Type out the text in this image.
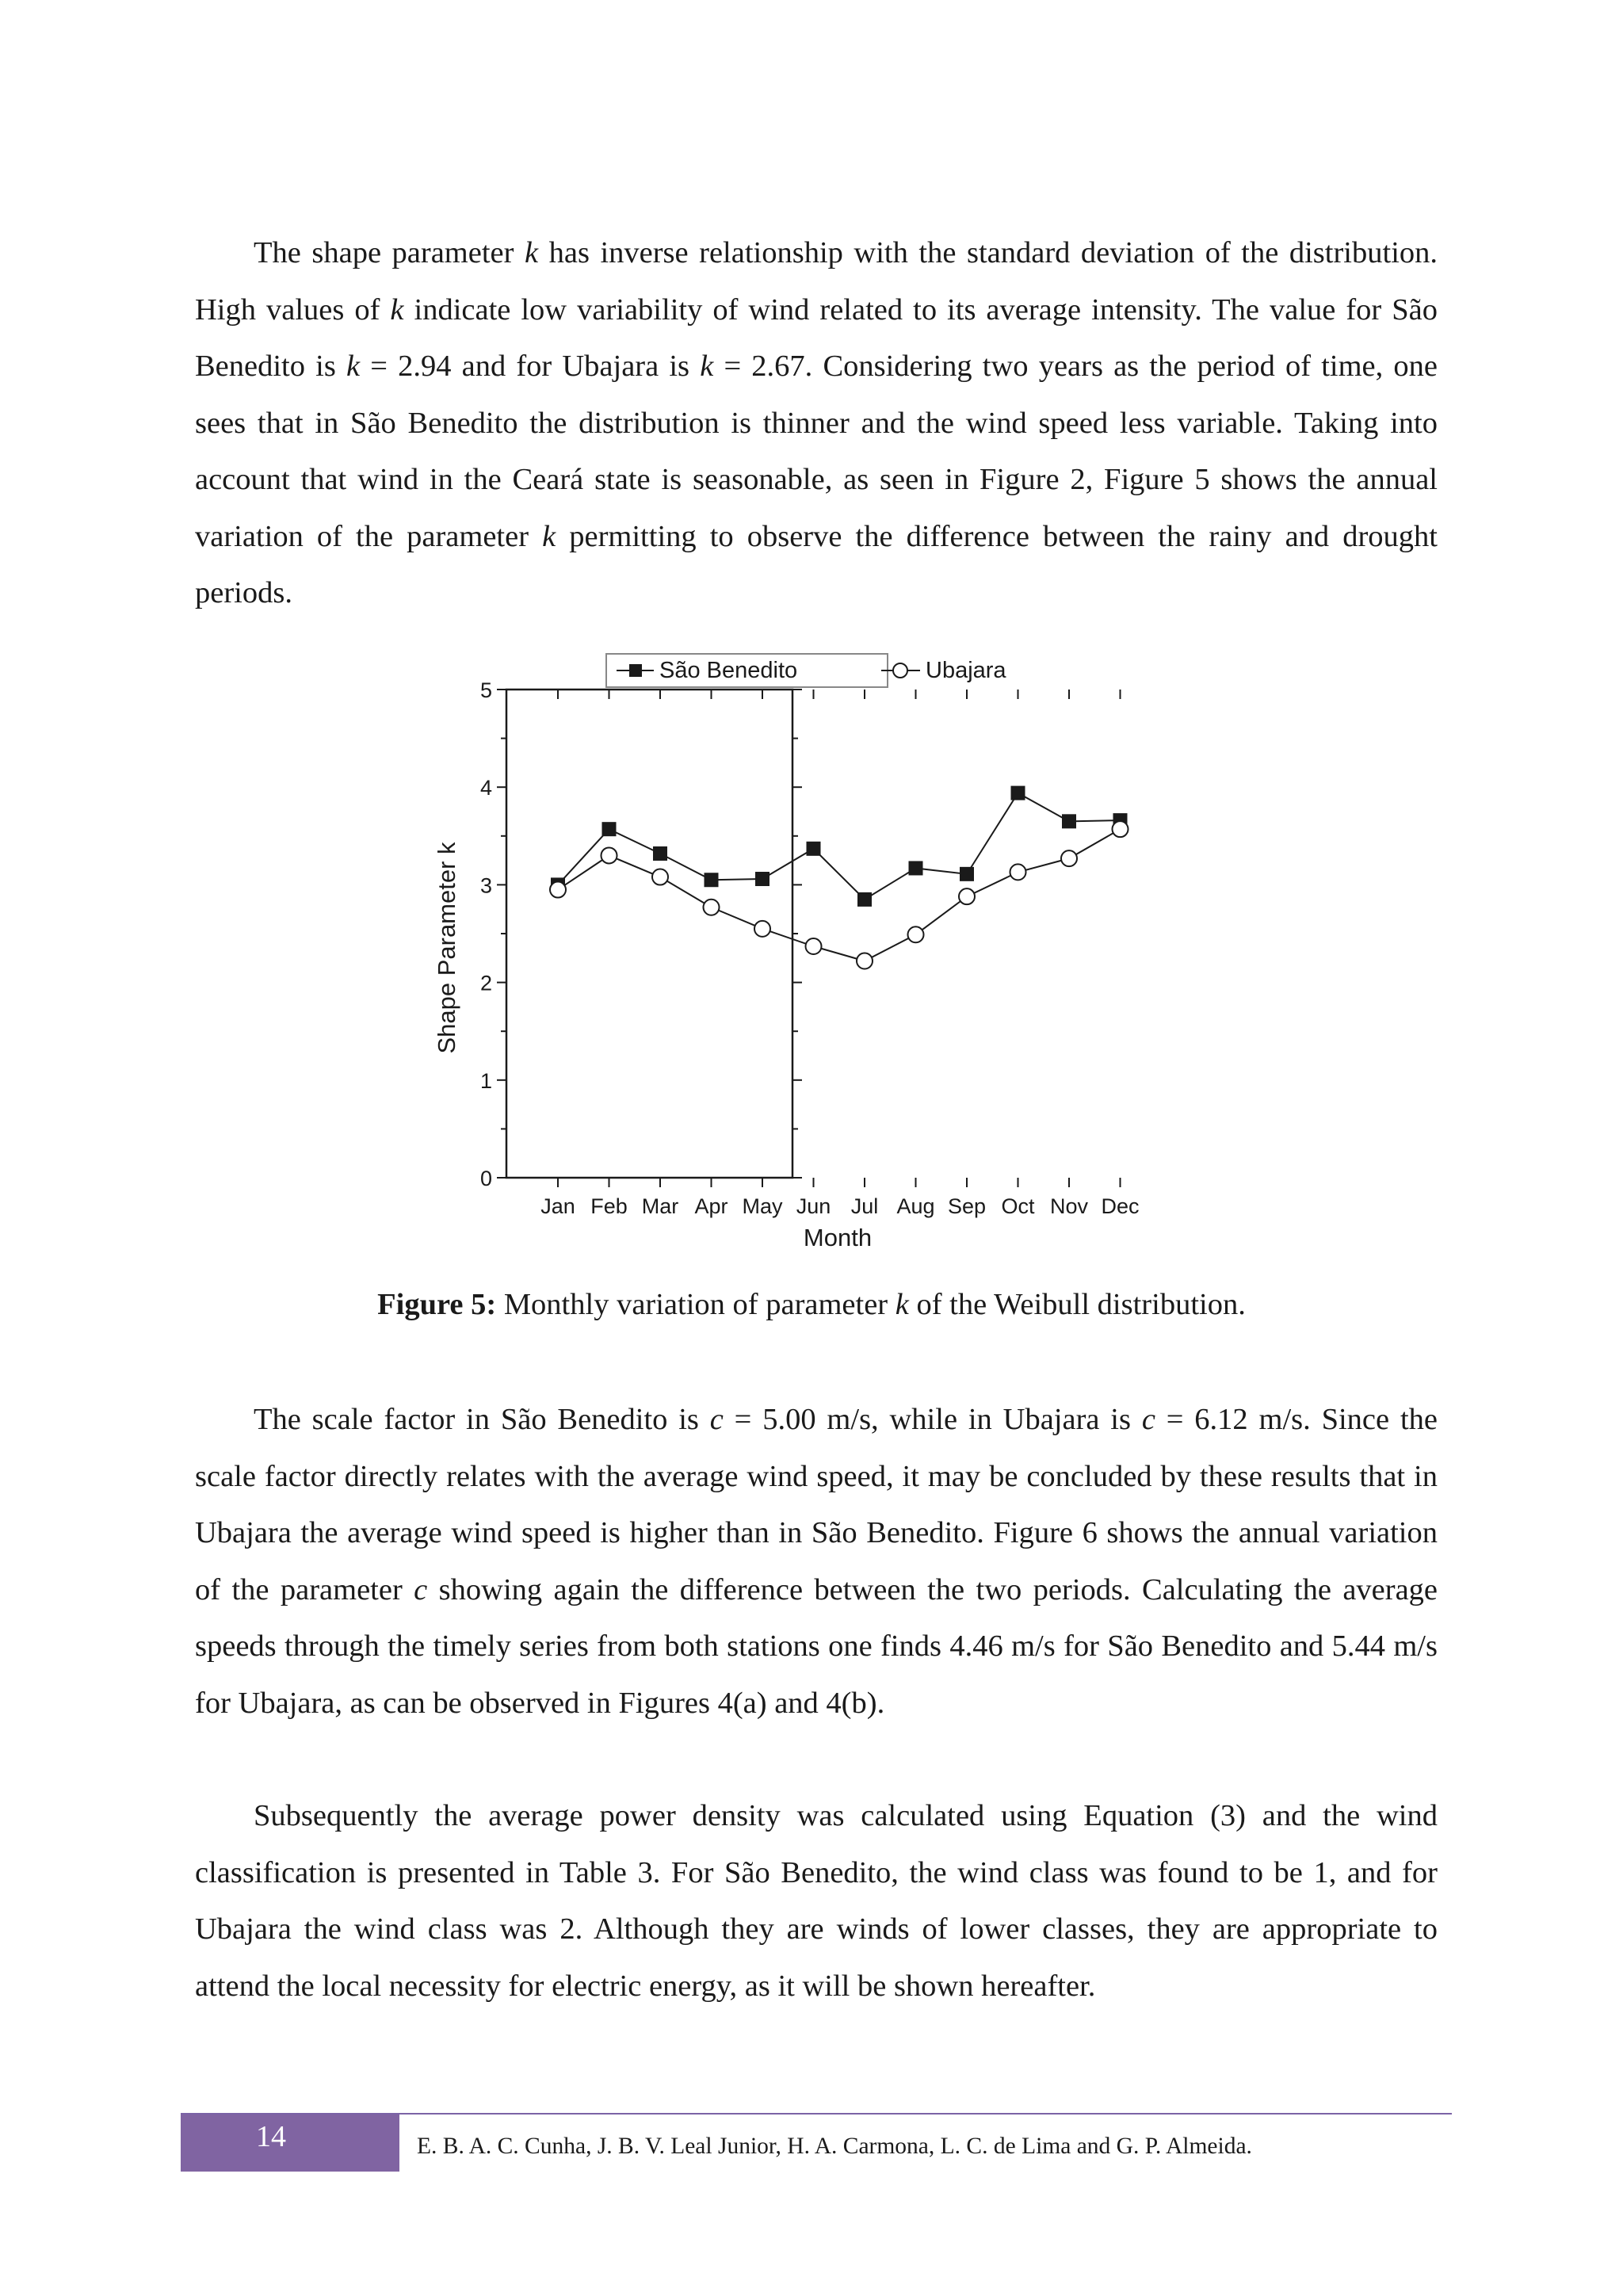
The shape parameter k has inverse relationship with the standard deviation of the distribution. High values of k indicate low variability of wind related to its average intensity. The value for São Benedito is k = 2.94 and for Ubajara is k = 2.67. Considering two years as the period of time, one sees that in São Benedito the distribution is thinner and the wind speed less variable. Taking into account that wind in the Ceará state is seasonable, as seen in Figure 2, Figure 5 shows the annual variation of the parameter k permitting to observe the difference between the rainy and drought periods.

0
1
2
3
4
5
Jan Feb Mar Apr May Jun Jul Aug Sep Oct Nov Dec
São Benedito	Ubajara
Month
Shape Parameter k

Figure 5: Monthly variation of parameter k of the Weibull distribution.

The scale factor in São Benedito is c = 5.00 m/s, while in Ubajara is c = 6.12 m/s. Since the scale factor directly relates with the average wind speed, it may be concluded by these results that in Ubajara the average wind speed is higher than in São Benedito. Figure 6 shows the annual variation of the parameter c showing again the difference between the two periods. Calculating the average speeds through the timely series from both stations one finds 4.46 m/s for São Benedito and 5.44 m/s for Ubajara, as can be observed in Figures 4(a) and 4(b).

Subsequently the average power density was calculated using Equation (3) and the wind classification is presented in Table 3. For São Benedito, the wind class was found to be 1, and for Ubajara the wind class was 2. Although they are winds of lower classes, they are appropriate to attend the local necessity for electric energy, as it will be shown hereafter.

14	E. B. A. C. Cunha, J. B. V. Leal Junior, H. A. Carmona, L. C. de Lima and G. P. Almeida.
